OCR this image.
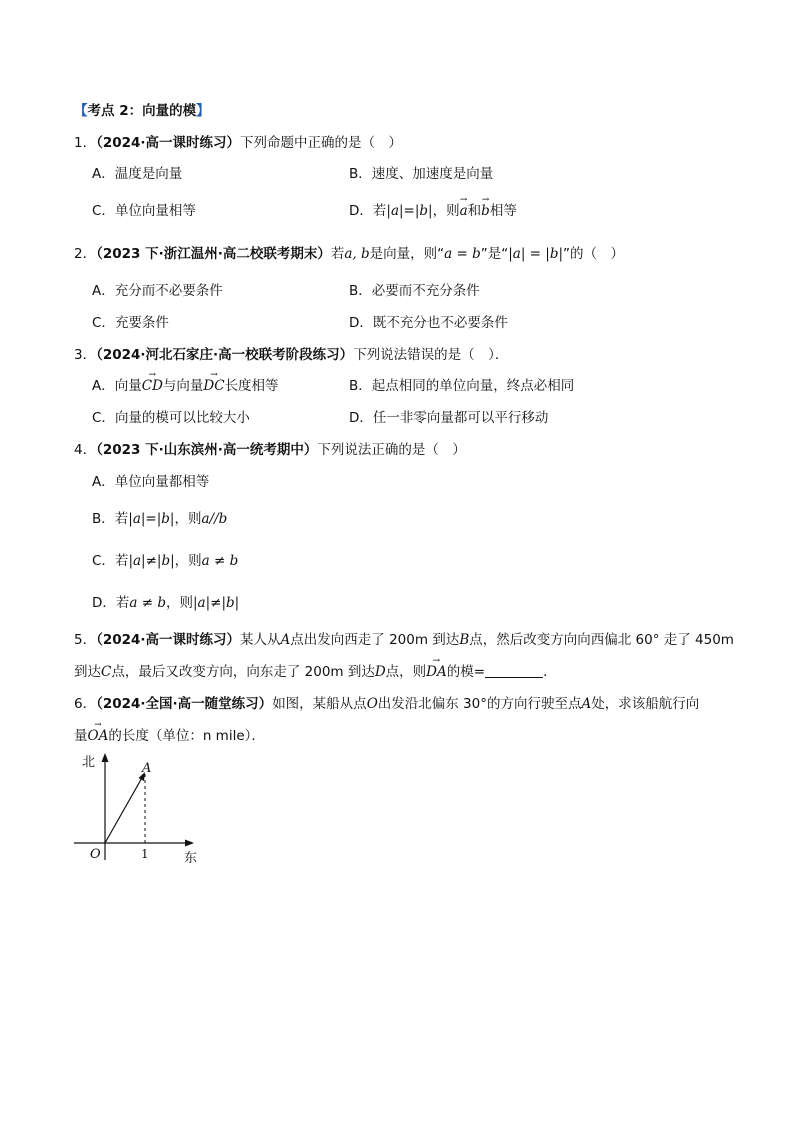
【考点 2：向量的模】
1．（2024·高一课时练习）下列命题中正确的是（　）
A．温度是向量	B．速度、加速度是向量
C．单位向量相等	D．若|a|=|b|，则→ a和→ b相等
2．（2023 下·浙江温州·高二校联考期末）若a, b是向量，则“a = b”是“|a| = |b|”的（　）
A．充分而不必要条件	B．必要而不充分条件
C．充要条件	D．既不充分也不必要条件
3．（2024·河北石家庄·高一校联考阶段练习）下列说法错误的是（　）．
A．向量→ CD与向量→ DC长度相等	B．起点相同的单位向量，终点必相同
C．向量的模可以比较大小	D．任一非零向量都可以平行移动
4．（2023 下·山东滨州·高一统考期中）下列说法正确的是（　）
A．单位向量都相等
B．若|a|=|b|，则a//b
C．若|a|≠|b|，则a ≠ b
D．若a ≠ b，则|a|≠|b|
5．（2024·高一课时练习）某人从A点出发向西走了 200m 到达B点，然后改变方向向西偏北 60° 走了 450m
到达C点，最后又改变方向，向东走了 200m 到达D点，则→ DA的模=	．
6．（2024·全国·高一随堂练习）如图，某船从点O出发沿北偏东 30°的方向行驶至点A处，求该船航行向
量→ OA的长度（单位：n mile）．
北
东
O
A
1
